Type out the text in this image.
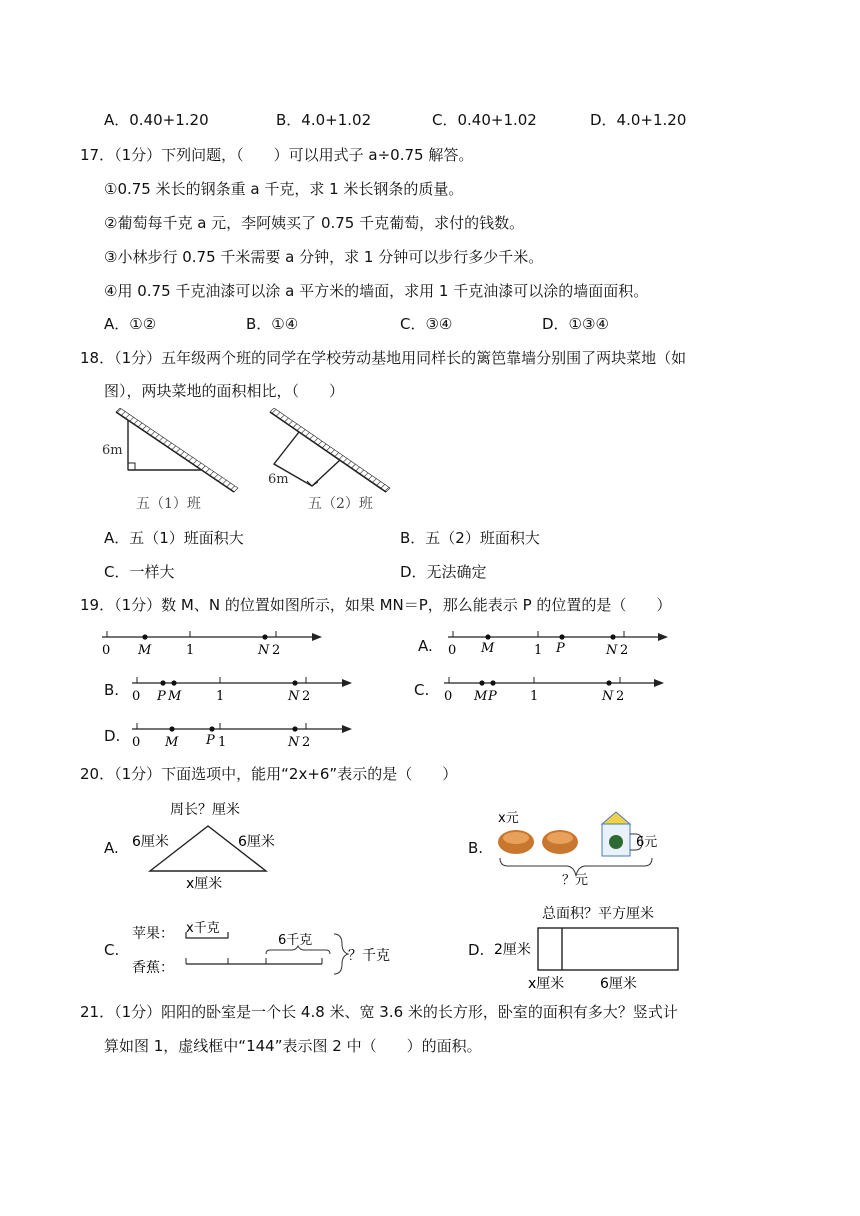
A．0.40+1.20	B．4.0+1.02	C．0.40+1.02	D．4.0+1.20
17．（1分）下列问题，（　　）可以用式子 a÷0.75 解答。
①0.75 米长的钢条重 a 千克，求 1 米长钢条的质量。
②葡萄每千克 a 元，李阿姨买了 0.75 千克葡萄，求付的钱数。
③小林步行 0.75 千米需要 a 分钟，求 1 分钟可以步行多少千米。
④用 0.75 千克油漆可以涂 a 平方米的墙面，求用 1 千克油漆可以涂的墙面面积。
A．①②	B．①④	C．③④	D．①③④
18．（1分）五年级两个班的同学在学校劳动基地用同样长的篱笆靠墙分别围了两块菜地（如
图），两块菜地的面积相比，（　　）
6m
6m
五（1）班	五（2）班
A．五（1）班面积大	B．五（2）班面积大
C．一样大	D．无法确定
19．（1分）数 M、N 的位置如图所示，如果 MN＝P，那么能表示 P 的位置的是（　　）
0	1	2
M	N	A. 0	1	2
M	P	N
B. 0	1	2
P M	N	C. 0	1	2
M P	N
D. 0	1	2
M P	N
20．（1分）下面选项中，能用“2x+6”表示的是（　　）
A.
周长？厘米
6厘米	6厘米
x厘米
B.
x元
6元
？元
C.
苹果： x千克
6千克
香蕉：
？千克	D.
总面积？平方厘米
2厘米
x厘米	6厘米
21．（1分）阳阳的卧室是一个长 4.8 米、宽 3.6 米的长方形，卧室的面积有多大？竖式计
算如图 1，虚线框中“144”表示图 2 中（　　）的面积。
